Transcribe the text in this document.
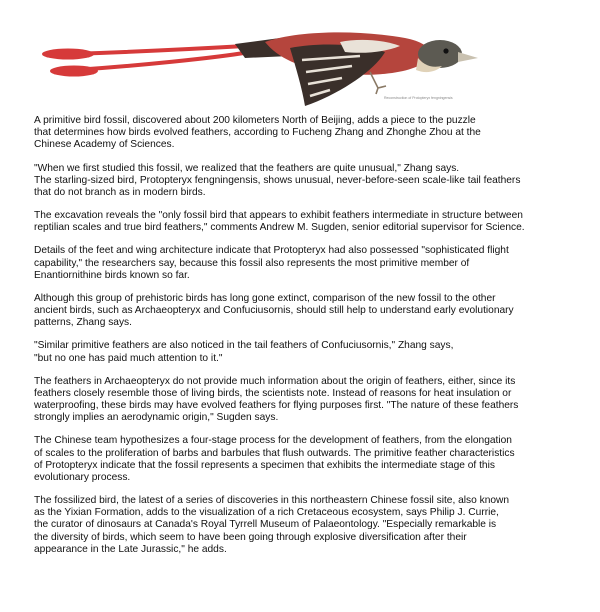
Reconstruction of Protopteryx fengningensis

A primitive bird fossil, discovered about 200 kilometers North of Beijing, adds a piece to the puzzle
that determines how birds evolved feathers, according to Fucheng Zhang and Zhonghe Zhou at the
Chinese Academy of Sciences.

"When we first studied this fossil, we realized that the feathers are quite unusual," Zhang says.
The starling-sized bird, Protopteryx fengningensis, shows unusual, never-before-seen scale-like tail feathers
that do not branch as in modern birds.

The excavation reveals the "only fossil bird that appears to exhibit feathers intermediate in structure between
reptilian scales and true bird feathers," comments Andrew M. Sugden, senior editorial supervisor for Science.

Details of the feet and wing architecture indicate that Protopteryx had also possessed "sophisticated flight
capability," the researchers say, because this fossil also represents the most primitive member of
Enantiornithine birds known so far.

Although this group of prehistoric birds has long gone extinct, comparison of the new fossil to the other
ancient birds, such as Archaeopteryx and Confuciusornis, should still help to understand early evolutionary
patterns, Zhang says.

"Similar primitive feathers are also noticed in the tail feathers of Confuciusornis," Zhang says,
"but no one has paid much attention to it."

The feathers in Archaeopteryx do not provide much information about the origin of feathers, either, since its
feathers closely resemble those of living birds, the scientists note. Instead of reasons for heat insulation or
waterproofing, these birds may have evolved feathers for flying purposes first. "The nature of these feathers
strongly implies an aerodynamic origin," Sugden says.

The Chinese team hypothesizes a four-stage process for the development of feathers, from the elongation
of scales to the proliferation of barbs and barbules that flush outwards. The primitive feather characteristics
of Protopteryx indicate that the fossil represents a specimen that exhibits the intermediate stage of this
evolutionary process.

The fossilized bird, the latest of a series of discoveries in this northeastern Chinese fossil site, also known
as the Yixian Formation, adds to the visualization of a rich Cretaceous ecosystem, says Philip J. Currie,
the curator of dinosaurs at Canada's Royal Tyrrell Museum of Palaeontology. "Especially remarkable is
the diversity of birds, which seem to have been going through explosive diversification after their
appearance in the Late Jurassic," he adds.
